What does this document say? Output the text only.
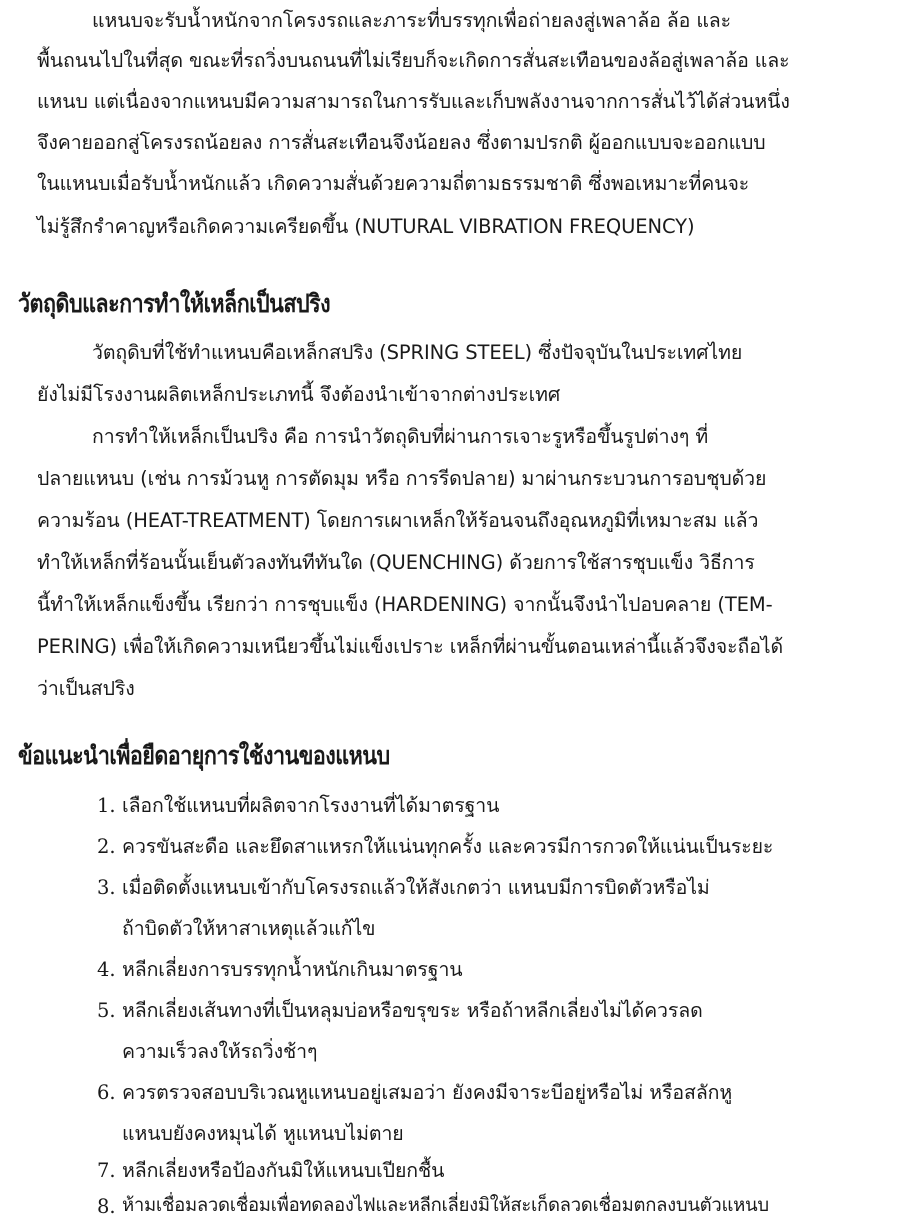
แหนบจะรับน้ำหนักจากโครงรถและภาระที่บรรทุกเพื่อถ่ายลงสู่เพลาล้อ ล้อ และ
พื้นถนนไปในที่สุด ขณะที่รถวิ่งบนถนนที่ไม่เรียบก็จะเกิดการสั่นสะเทือนของล้อสู่เพลาล้อ และ
แหนบ แต่เนื่องจากแหนบมีความสามารถในการรับและเก็บพลังงานจากการสั่นไว้ได้ส่วนหนึ่ง
จึงคายออกสู่โครงรถน้อยลง การสั่นสะเทือนจึงน้อยลง ซึ่งตามปรกติ ผู้ออกแบบจะออกแบบ
ในแหนบเมื่อรับน้ำหนักแล้ว เกิดความสั่นด้วยความถี่ตามธรรมชาติ ซึ่งพอเหมาะที่คนจะ
ไม่รู้สึกรำคาญหรือเกิดความเครียดขึ้น (NUTURAL VIBRATION FREQUENCY)
วัตถุดิบและการทำให้เหล็กเป็นสปริง
วัตถุดิบที่ใช้ทำแหนบคือเหล็กสปริง (SPRING STEEL) ซึ่งปัจจุบันในประเทศไทย
ยังไม่มีโรงงานผลิตเหล็กประเภทนี้ จึงต้องนำเข้าจากต่างประเทศ
การทำให้เหล็กเป็นปริง คือ การนำวัตถุดิบที่ผ่านการเจาะรูหรือขึ้นรูปต่างๆ ที่
ปลายแหนบ (เช่น การม้วนหู การตัดมุม หรือ การรีดปลาย) มาผ่านกระบวนการอบชุบด้วย
ความร้อน (HEAT-TREATMENT) โดยการเผาเหล็กให้ร้อนจนถึงอุณหภูมิที่เหมาะสม แล้ว
ทำให้เหล็กที่ร้อนนั้นเย็นตัวลงทันทีทันใด (QUENCHING) ด้วยการใช้สารชุบแข็ง วิธีการ
นี้ทำให้เหล็กแข็งขึ้น เรียกว่า การชุบแข็ง (HARDENING) จากนั้นจึงนำไปอบคลาย (TEM-
PERING) เพื่อให้เกิดความเหนียวขึ้นไม่แข็งเปราะ เหล็กที่ผ่านขั้นตอนเหล่านี้แล้วจึงจะถือได้
ว่าเป็นสปริง
ข้อแนะนำเพื่อยืดอายุการใช้งานของแหนบ
1. เลือกใช้แหนบที่ผลิตจากโรงงานที่ได้มาตรฐาน
2. ควรขันสะดือ และยึดสาแหรกให้แน่นทุกครั้ง และควรมีการกวดให้แน่นเป็นระยะ
3. เมื่อติดตั้งแหนบเข้ากับโครงรถแล้วให้สังเกตว่า แหนบมีการบิดตัวหรือไม่
ถ้าบิดตัวให้หาสาเหตุแล้วแก้ไข
4. หลีกเลี่ยงการบรรทุกน้ำหนักเกินมาตรฐาน
5. หลีกเลี่ยงเส้นทางที่เป็นหลุมบ่อหรือขรุขระ หรือถ้าหลีกเลี่ยงไม่ได้ควรลด
ความเร็วลงให้รถวิ่งช้าๆ
6. ควรตรวจสอบบริเวณหูแหนบอยู่เสมอว่า ยังคงมีจาระบีอยู่หรือไม่ หรือสลักหู
แหนบยังคงหมุนได้ หูแหนบไม่ตาย
7. หลีกเลี่ยงหรือป้องกันมิให้แหนบเปียกชื้น
8. ห้ามเชื่อมลวดเชื่อมเพื่อทดลองไฟและหลีกเลี่ยงมิให้สะเก็ดลวดเชื่อมตกลงบนตัวแหนบ
